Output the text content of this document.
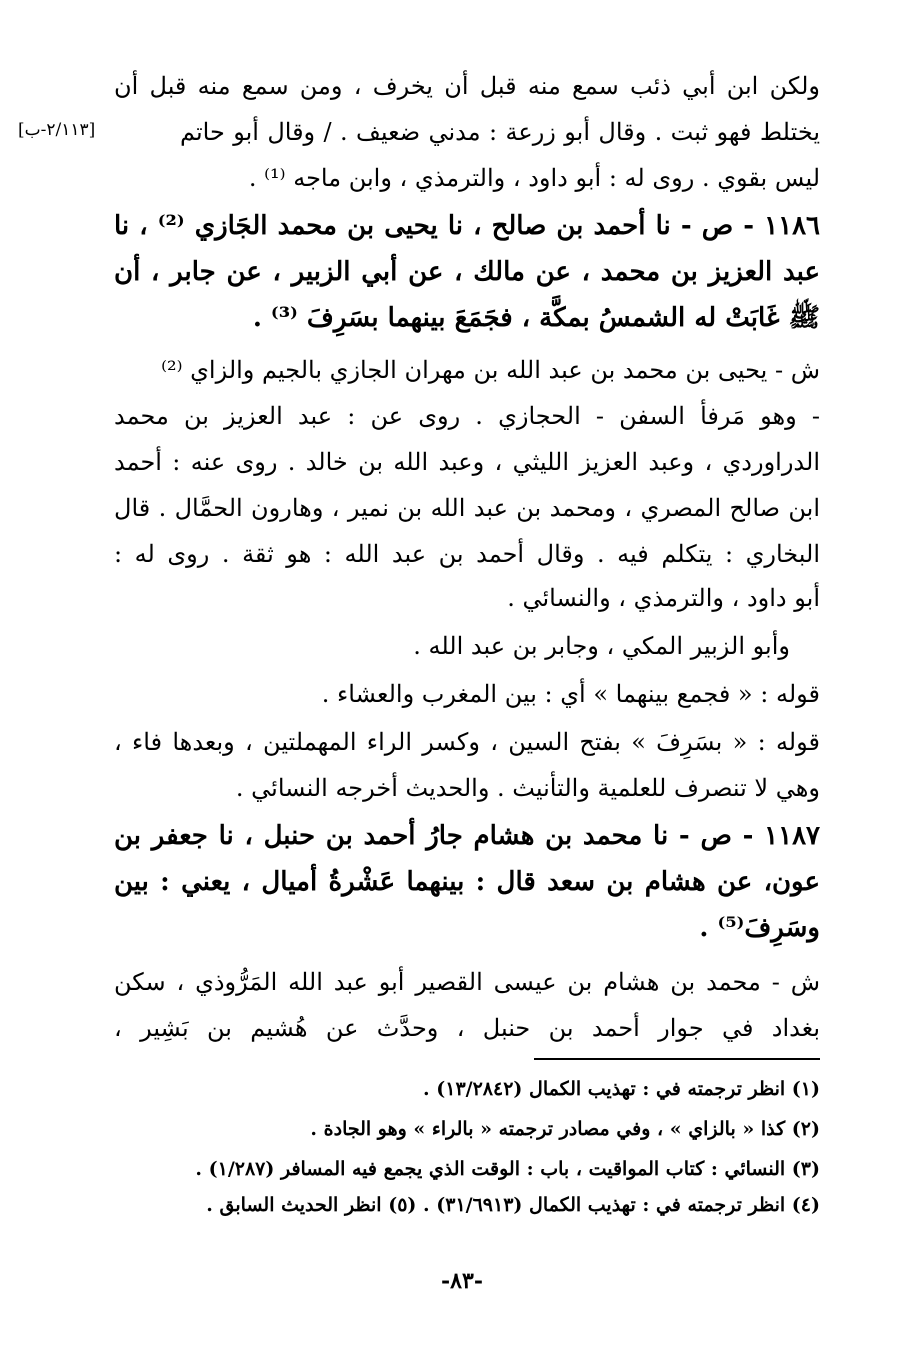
[٢/١١٣-ب]
ولكن ابن أبي ذئب سمع منه قبل أن يخرف ، ومن سمع منه قبل أن
يختلط فهو ثبت . وقال أبو زرعة : مدني ضعيف . / وقال أبو حاتم
ليس بقوي . روى له : أبو داود ، والترمذي ، وابن ماجه ⁽¹⁾ .
١١٨٦ - ص - نا أحمد بن صالح ، نا يحيى بن محمد الجَازي ⁽²⁾ ، نا
عبد العزيز بن محمد ، عن مالك ، عن أبي الزبير ، عن جابر ، أن
ﷺ غَابَتْ له الشمسُ بمكَّة ، فجَمَعَ بينهما بسَرِفَ ⁽³⁾ .
ش - يحيى بن محمد بن عبد الله بن مهران الجازي بالجيم والزاي ⁽²⁾
- وهو مَرفأ السفن - الحجازي . روى عن : عبد العزيز بن محمد
الدراوردي ، وعبد العزيز الليثي ، وعبد الله بن خالد . روى عنه : أحمد
ابن صالح المصري ، ومحمد بن عبد الله بن نمير ، وهارون الحمَّال . قال
البخاري : يتكلم فيه . وقال أحمد بن عبد الله : هو ثقة . روى له :
أبو داود ، والترمذي ، والنسائي .
وأبو الزبير المكي ، وجابر بن عبد الله .
قوله : « فجمع بينهما » أي : بين المغرب والعشاء .
قوله : « بسَرِفَ » بفتح السين ، وكسر الراء المهملتين ، وبعدها فاء ،
وهي لا تنصرف للعلمية والتأنيث . والحديث أخرجه النسائي .
١١٨٧ - ص - نا محمد بن هشام جارُ أحمد بن حنبل ، نا جعفر بن
عون، عن هشام بن سعد قال : بينهما عَشْرةُ أميال ، يعني : بين
وسَرِفَ⁽⁵⁾ .
ش - محمد بن هشام بن عيسى القصير أبو عبد الله المَرُّوذي ، سكن
بغداد في جوار أحمد بن حنبل ، وحدَّث عن هُشيم بن بَشِير ،
(١) انظر ترجمته في : تهذيب الكمال (١٣/٢٨٤٢) .
(٢) كذا « بالزاي » ، وفي مصادر ترجمته « بالراء » وهو الجادة .
(٣) النسائي : كتاب المواقيت ، باب : الوقت الذي يجمع فيه المسافر (١/٢٨٧) .
(٤) انظر ترجمته في : تهذيب الكمال (٣١/٦٩١٣) . (٥) انظر الحديث السابق .
-٨٣-
